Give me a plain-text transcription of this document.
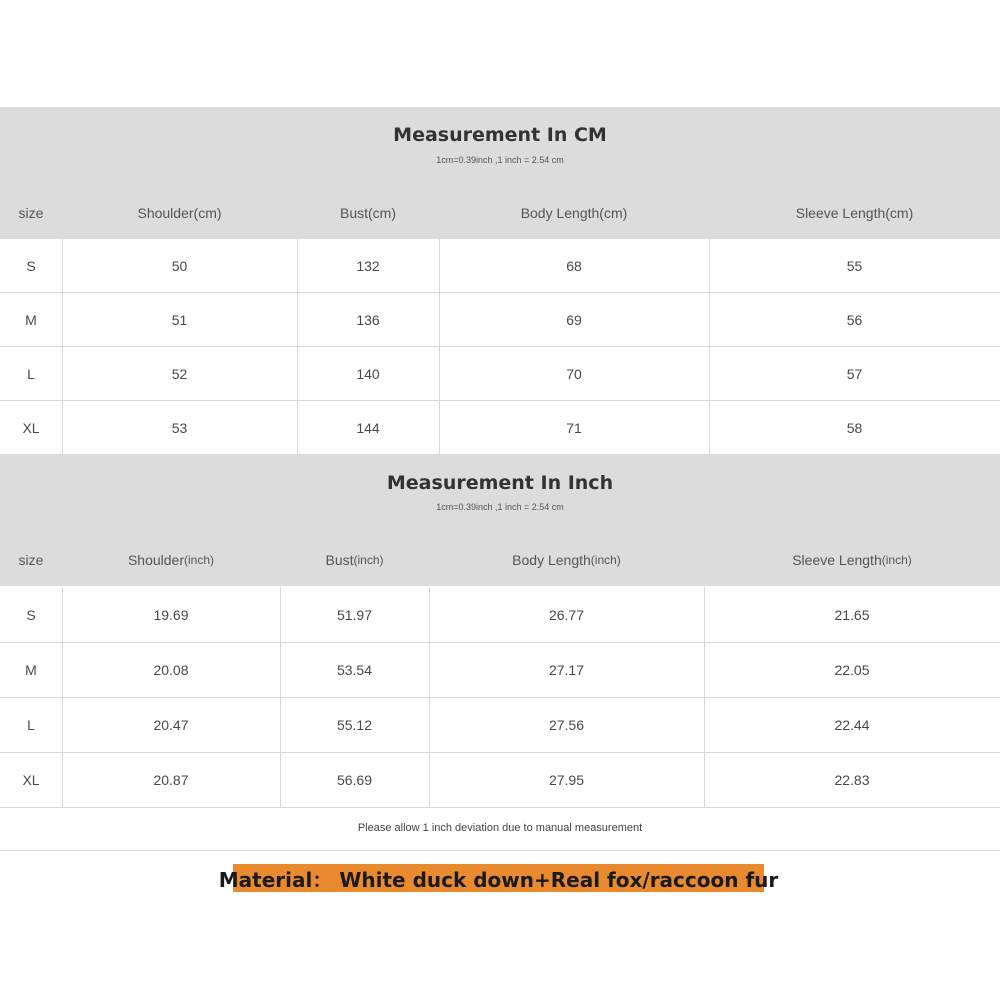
Measurement In CM
1cm=0.39inch ,1 inch = 2.54 cm
size	Shoulder(cm)	Bust(cm)	Body Length(cm)	Sleeve Length(cm)
S	50	132	68	55
M	51	136	69	56
L	52	140	70	57
XL	53	144	71	58
Measurement In Inch
1cm=0.39inch ,1 inch = 2.54 cm
size	Shoulder (inch)	Bust (inch)	Body Length (inch)	Sleeve Length (inch)
S	19.69	51.97	26.77	21.65
M	20.08	53.54	27.17	22.05
L	20.47	55.12	27.56	22.44
XL	20.87	56.69	27.95	22.83
Please allow 1 inch deviation due to manual measurement
Material： White duck down+Real fox/raccoon fur
